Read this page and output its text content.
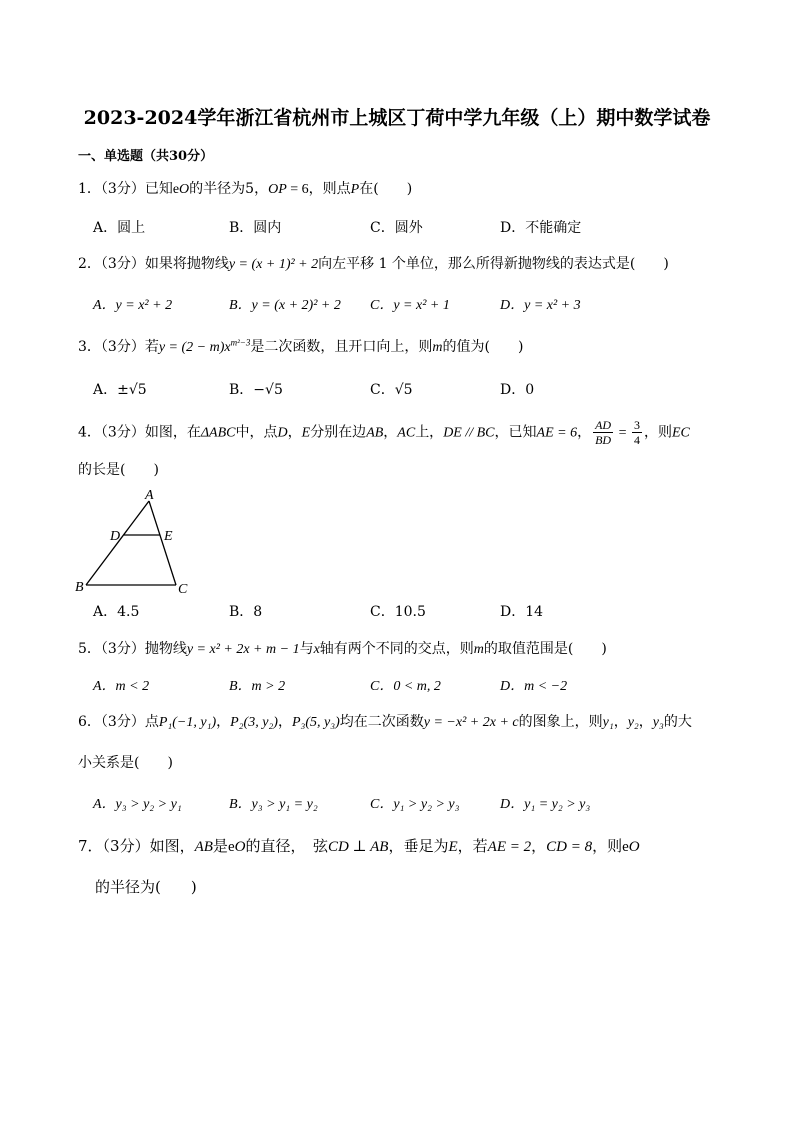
2023-2024学年浙江省杭州市上城区丁荷中学九年级（上）期中数学试卷
一、单选题（共30分）
1．（3分）已知eO的半径为5，OP = 6，则点P在(　　)
A．圆上	B．圆内	C．圆外	D．不能确定
2．（3分）如果将抛物线y = (x + 1)² + 2向左平移 1 个单位，那么所得新抛物线的表达式是(　　)
A．y = x² + 2	B．y = (x + 2)² + 2 C．y = x² + 1	D．y = x² + 3
3．（3分）若$y = (2 - m)x^{m^2-3}$是二次函数，且开口向上，则m的值为(　　)
A．±√5	B．−√5	C．√5	D．0
4．（3分）如图，在ΔABC中，点D，E分别在边AB，AC上，DE // BC，已知AE = 6， $\frac{AD}{BD} = \frac{3}{4}$ ，则EC
的长是(　　)
A
D	E
B	C
A．4.5	B．8	C．10.5	D．14
5．（3分）抛物线y = x² + 2x + m − 1与x轴有两个不同的交点，则m的取值范围是(　　)
A．m < 2	B．m > 2	C．0 < m, 2	D．m < −2
6．（3分）点P₁(−1, y₁)，P₂(3, y₂)，P₃(5, y₃)均在二次函数y = −x² + 2x + c的图象上，则y₁，y₂，y₃的大
小关系是(　　)
A．y₃ > y₂ > y₁	B．y₃ > y₁ = y₂	C．y₁ > y₂ > y₃	D．y₁ = y₂ > y₃
7．（3分）如图，AB是eO的直径，　弦CD ⊥ AB，垂足为E，若AE = 2，CD = 8，则eO
的半径为(　　)
